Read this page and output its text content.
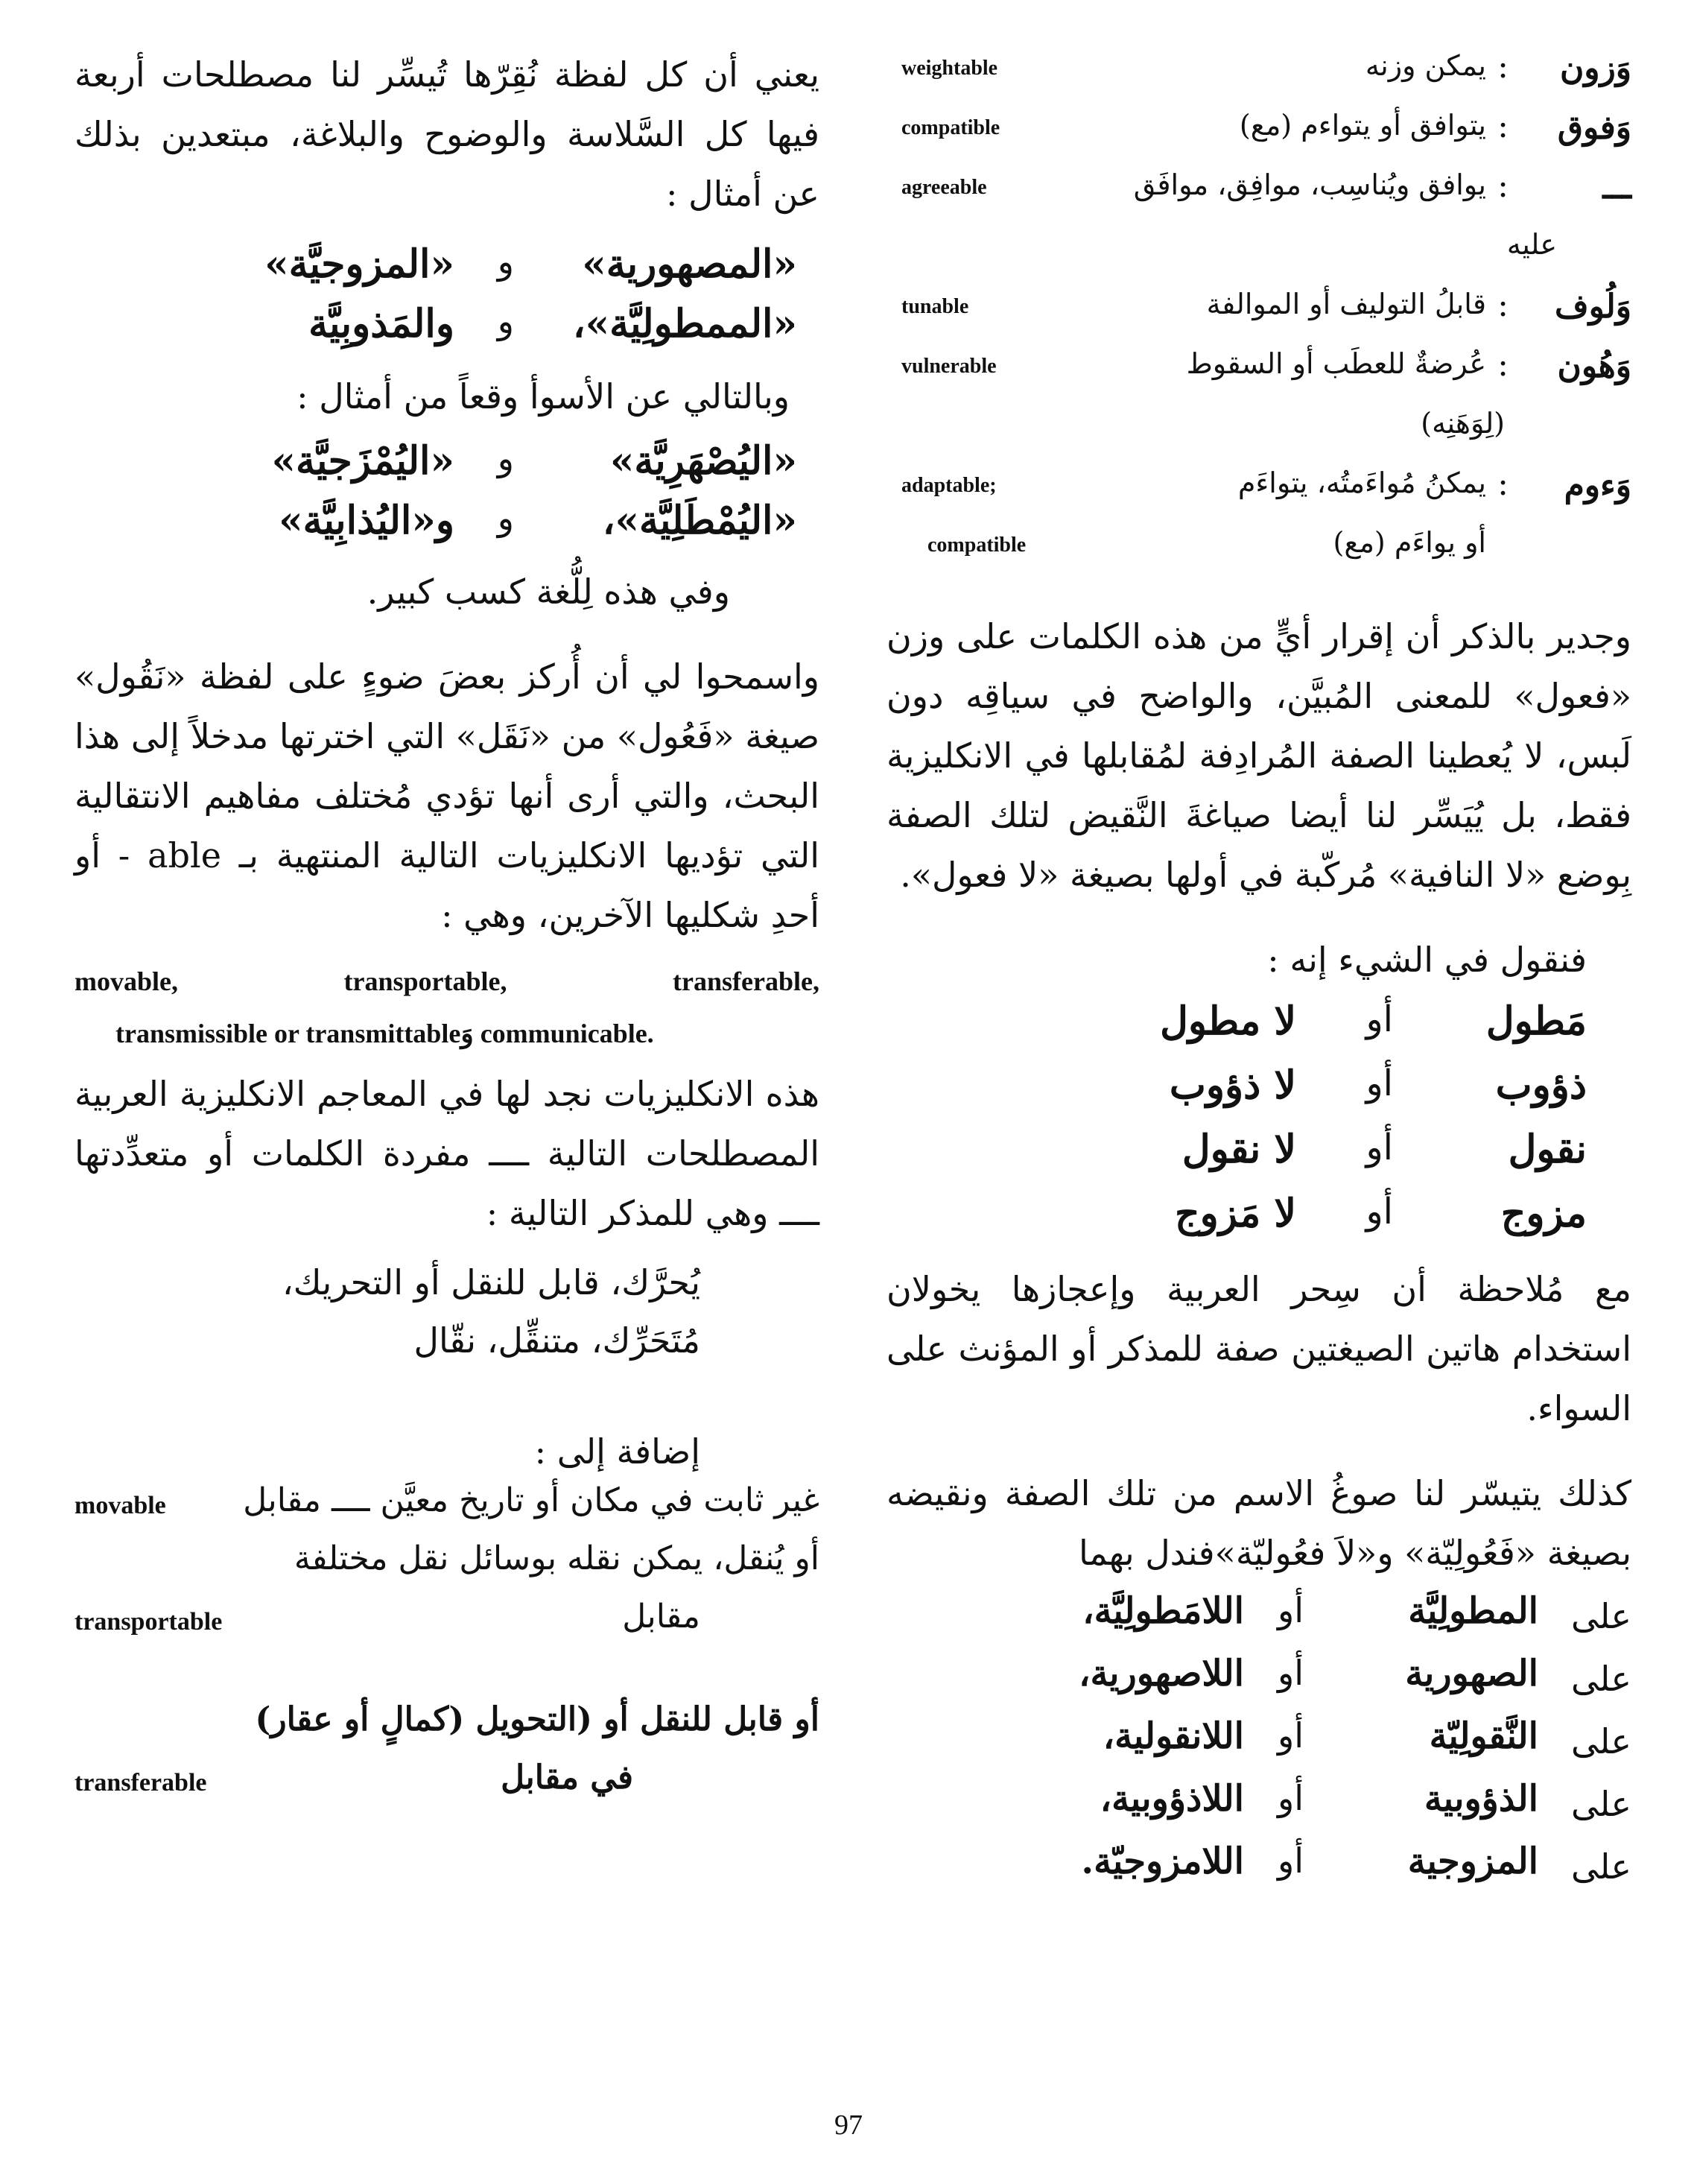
وَزون
:
يمكن وزنه
weightable
وَفوق
:
يتوافق أو يتواءم (مع)
compatible
ـــ
:
يوافق ويُناسِب، موافِق، موافَق
agreeable
عليه
وَلُوف
:
قابلُ التوليف أو الموالفة
tunable
وَهُون
:
عُرضةٌ للعطَب أو السقوط
vulnerable
(لِوَهَنِه)
وَءوم
:
يمكنُ مُواءَمتُه، يتواءَم
adaptable;
أو يواءَم (مع)
compatible

وجدير بالذكر أن إقرار أيٍّ من هذه الكلمات على وزن «فعول» للمعنى المُبيَّن، والواضح في سياقِه دون لَبس، لا يُعطينا الصفة المُرادِفة لمُقابلها في الانكليزية فقط، بل يُيَسِّر لنا أيضا صياغةَ النَّقيض لتلك الصفة بِوضع «لا النافية» مُركّبة في أولها بصيغة «لا فعول».

فنقول في الشيء إنه :

مَطول
أو
لا مطول
ذؤوب
أو
لا ذؤوب
نقول
أو
لا نقول
مزوج
أو
لا مَزوج

مع مُلاحظة أن سِحر العربية وإعجازها يخولان استخدام هاتين الصيغتين صفة للمذكر أو المؤنث على السواء.

كذلك يتيسّر لنا صوغُ الاسم من تلك الصفة ونقيضه بصيغة «فَعُولِيّة» و«لاَ فعُوليّة»فندل بهما

على
المطولِيَّة
أو
اللامَطولِيَّة،
على
الصهورية
أو
اللاصهورية،
على
النَّقولِيّة
أو
اللانقولية،
على
الذؤوبية
أو
اللاذؤوبية،
على
المزوجية
أو
اللامزوجيّة.

يعني أن كل لفظة نُقِرّها تُيسِّر لنا مصطلحات أربعة فيها كل السَّلاسة والوضوح والبلاغة، مبتعدين بذلك عن أمثال :

«المزوجيَّة» و «المصهورية»
والمَذوبِيَّة و «الممطولِيَّة»،

وبالتالي عن الأسوأ وقعاً من أمثال :

«اليُمْزَجيَّة» و «اليُصْهَرِيَّة»
و«اليُذابِيَّة» و «اليُمْطَلِيَّة»،

وفي هذه لِلُّغة كسب كبير.

واسمحوا لي أن أُركز بعضَ ضوءٍ على لفظة «نَقُول» صيغة «فَعُول» من «نَقَل» التي اخترتها مدخلاً إلى هذا البحث، والتي أرى أنها تؤدي مُختلف مفاهيم الانتقالية التي تؤديها الانكليزيات التالية المنتهية بـ able - أو أحدِ شكليها الآخرين، وهي :

movable,	transportable,	transferable,
transmissible or transmittableوَ communicable.

هذه الانكليزيات نجد لها في المعاجم الانكليزية العربية المصطلحات التالية ــــ مفردة الكلمات أو متعدِّدتها ــــ وهي للمذكر التالية :

يُحرَّك، قابل للنقل أو التحريك،
مُتَحَرِّك، متنقِّل، نقّال

إضافة إلى :

غير ثابت في مكان أو تاريخ معيَّن ــــ مقابل
movable
أو يُنقل، يمكن نقله بوسائل نقل مختلفة
مقابل
transportable
أو قابل للنقل أو (التحويل (كمالٍ أو عقار)
في مقابل
transferable
97
